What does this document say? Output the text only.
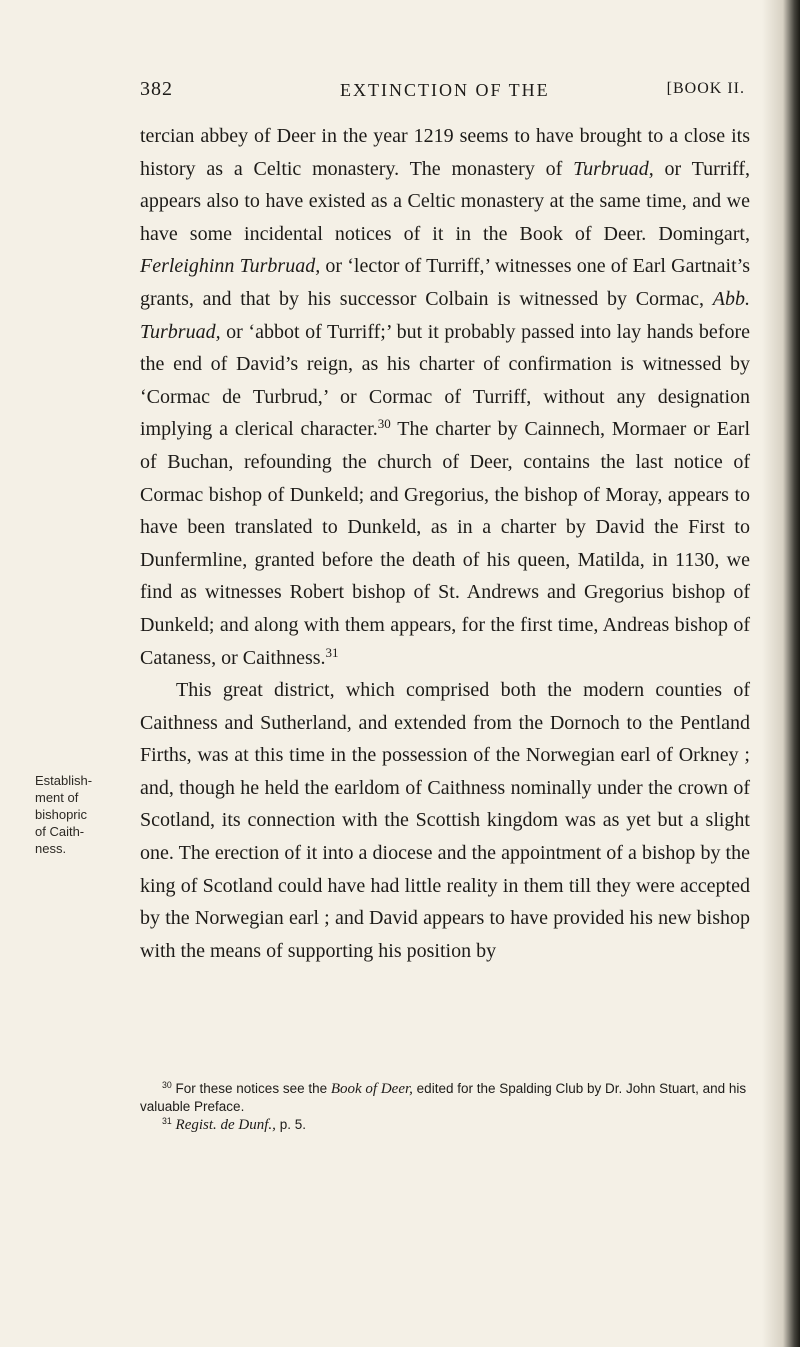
382	EXTINCTION OF THE	[BOOK II.

tercian abbey of Deer in the year 1219 seems to have brought to a close its history as a Celtic monastery. The monastery of Turbruad, or Turriff, appears also to have existed as a Celtic monastery at the same time, and we have some incidental notices of it in the Book of Deer. Domingart, Ferleighinn Turbruad, or ‘lector of Turriff,’ witnesses one of Earl Gartnait’s grants, and that by his successor Colbain is witnessed by Cormac, Abb. Turbruad, or ‘abbot of Turriff;’ but it probably passed into lay hands before the end of David’s reign, as his charter of confirmation is witnessed by ‘Cormac de Turbrud,’ or Cormac of Turriff, without any designation implying a clerical character.$^{30}$ The charter by Cainnech, Mormaer or Earl of Buchan, refounding the church of Deer, contains the last notice of Cormac bishop of Dunkeld; and Gregorius, the bishop of Moray, appears to have been translated to Dunkeld, as in a charter by David the First to Dunfermline, granted before the death of his queen, Matilda, in 1130, we find as witnesses Robert bishop of St. Andrews and Gregorius bishop of Dunkeld; and along with them appears, for the first time, Andreas bishop of Cataness, or Caithness.$^{31}$

This great district, which comprised both the modern counties of Caithness and Sutherland, and extended from the Dornoch to the Pentland Firths, was at this time in the possession of the Norwegian earl of Orkney ; and, though he held the earldom of Caithness nominally under the crown of Scotland, its connection with the Scottish kingdom was as yet but a slight one. The erection of it into a diocese and the appointment of a bishop by the king of Scotland could have had little reality in them till they were accepted by the Norwegian earl ; and David appears to have provided his new bishop with the means of supporting his position by

Establish-
ment of
bishopric
of Caith-
ness.

$^{30}$ For these notices see the Book of Deer, edited for the Spalding Club by Dr. John Stuart, and his valuable Preface.

$^{31}$ Regist. de Dunf., p. 5.
